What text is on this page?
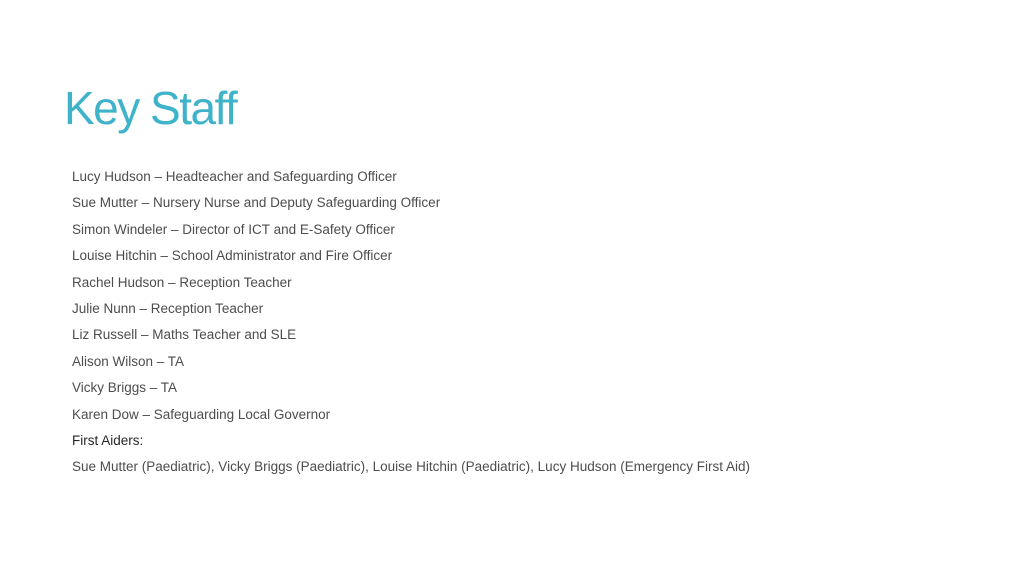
Key Staff
Lucy Hudson – Headteacher and Safeguarding Officer
Sue Mutter – Nursery Nurse and Deputy Safeguarding Officer
Simon Windeler – Director of ICT and E-Safety Officer
Louise Hitchin – School Administrator and Fire Officer
Rachel Hudson – Reception Teacher
Julie Nunn – Reception Teacher
Liz Russell – Maths Teacher and SLE
Alison Wilson – TA
Vicky Briggs – TA
Karen Dow – Safeguarding Local Governor
First Aiders:
Sue Mutter (Paediatric), Vicky Briggs (Paediatric), Louise Hitchin (Paediatric), Lucy Hudson (Emergency First Aid)
